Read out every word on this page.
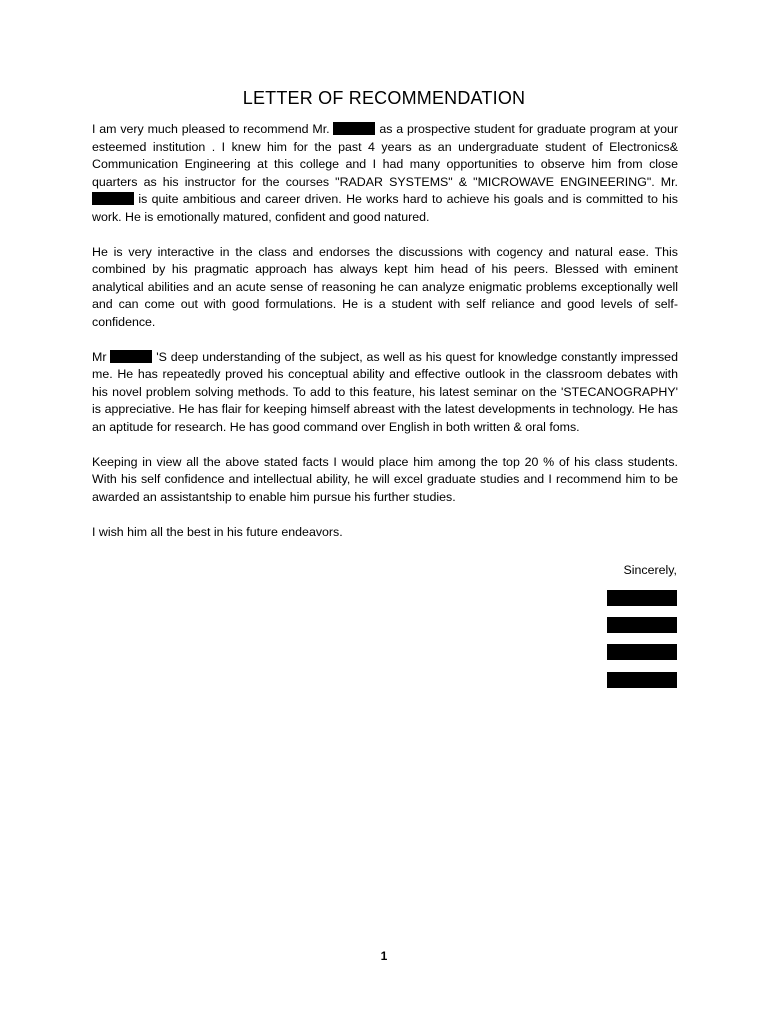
LETTER OF RECOMMENDATION

I am very much pleased to recommend Mr.	as a prospective student for graduate program at your esteemed institution . I knew him for the past 4 years as an undergraduate student of Electronics& Communication Engineering at this college and I had many opportunities to observe him from close quarters as his instructor for the courses "RADAR SYSTEMS" & "MICROWAVE ENGINEERING". Mr.  is quite ambitious and career driven. He works hard to achieve his goals and is committed to his work. He is emotionally matured, confident and good natured.

He is very interactive in the class and endorses the discussions with cogency and natural ease. This combined by his pragmatic approach has always kept him head of his peers. Blessed with eminent analytical abilities and an acute sense of reasoning he can analyze enigmatic problems exceptionally well and can come out with good formulations. He is a student with self reliance and good levels of self-confidence.

Mr	'S deep understanding of the subject, as well as his quest for knowledge constantly impressed me. He has repeatedly proved his conceptual ability and effective outlook in the classroom debates with his novel problem solving methods. To add to this feature, his latest seminar on the 'STECANOGRAPHY' is appreciative. He has flair for keeping himself abreast with the latest developments in technology. He has an aptitude for research. He has good command over English in both written & oral foms.

Keeping in view all the above stated facts I would place him among the top 20 % of his class students. With his self confidence and intellectual ability, he will excel graduate studies and I recommend him to be awarded an assistantship to enable him pursue his further studies.

I wish him all the best in his future endeavors.

Sincerely,
1
